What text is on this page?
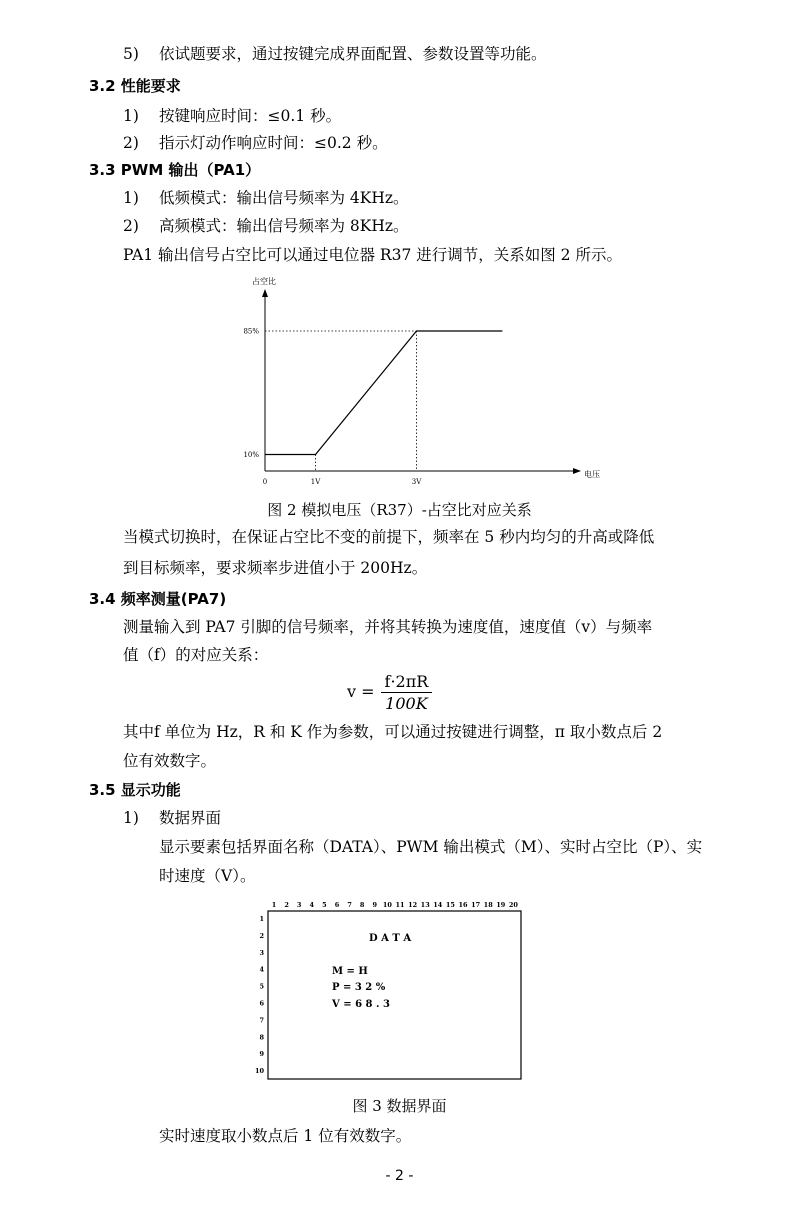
5) 依试题要求，通过按键完成界面配置、参数设置等功能。
3.2 性能要求
1) 按键响应时间：≤0.1 秒。
2) 指示灯动作响应时间：≤0.2 秒。
3.3 PWM 输出（PA1）
1) 低频模式：输出信号频率为 4KHz。
2) 高频模式：输出信号频率为 8KHz。
PA1 输出信号占空比可以通过电位器 R37 进行调节，关系如图 2 所示。
占空比
电压
85%
10%
0	1V	3V
图 2 模拟电压（R37）-占空比对应关系
当模式切换时，在保证占空比不变的前提下，频率在 5 秒内均匀的升高或降低
到目标频率，要求频率步进值小于 200Hz。
3.4 频率测量(PA7)
测量输入到 PA7 引脚的信号频率，并将其转换为速度值，速度值（v）与频率
值（f）的对应关系：
$v = \frac{f\cdot 2\pi R}{100K}$
其中f 单位为 Hz，R 和 K 作为参数，可以通过按键进行调整，π 取小数点后 2
位有效数字。
3.5 显示功能
1) 数据界面
显示要素包括界面名称（DATA）、PWM 输出模式（M）、实时占空比（P）、实
时速度（V）。
1 2 3 4 5 6 7 8 9 10 11 12 13 14 15 16 17 18 19 20
1
2
3
4
5
6
7
8
9
10
D A T A
M = H
P = 3 2 %
V = 6 8 . 3
图 3 数据界面
实时速度取小数点后 1 位有效数字。
- 2 -
